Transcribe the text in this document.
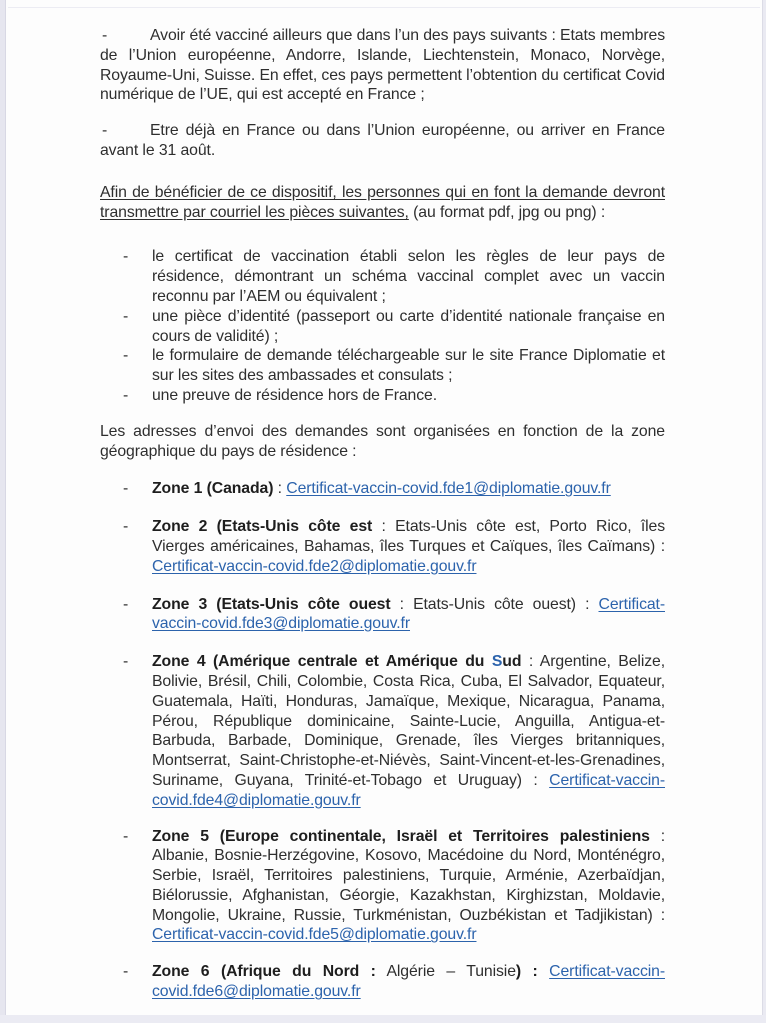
-	Avoir été vacciné ailleurs que dans l’un des pays suivants : Etats membres de l’Union européenne, Andorre, Islande, Liechtenstein, Monaco, Norvège, Royaume-Uni, Suisse. En effet, ces pays permettent l’obtention du certificat Covid numérique de l’UE, qui est accepté en France ;
-	Etre déjà en France ou dans l’Union européenne, ou arriver en France avant le 31 août.
Afin de bénéficier de ce dispositif, les personnes qui en font la demande devront transmettre par courriel les pièces suivantes, (au format pdf, jpg ou png) :
- le certificat de vaccination établi selon les règles de leur pays de résidence, démontrant un schéma vaccinal complet avec un vaccin reconnu par l’AEM ou équivalent ;
- une pièce d’identité (passeport ou carte d’identité nationale française en cours de validité) ;
- le formulaire de demande téléchargeable sur le site France Diplomatie et sur les sites des ambassades et consulats ;
- une preuve de résidence hors de France.
Les adresses d’envoi des demandes sont organisées en fonction de la zone géographique du pays de résidence :
- Zone 1 (Canada) : Certificat-vaccin-covid.fde1@diplomatie.gouv.fr
- Zone 2 (Etats-Unis côte est : Etats-Unis côte est, Porto Rico, îles Vierges américaines, Bahamas, îles Turques et Caïques, îles Caïmans) : Certificat-vaccin-covid.fde2@diplomatie.gouv.fr
- Zone 3 (Etats-Unis côte ouest : Etats-Unis côte ouest) : Certificat-vaccin-covid.fde3@diplomatie.gouv.fr
- Zone 4 (Amérique centrale et Amérique du Sud : Argentine, Belize, Bolivie, Brésil, Chili, Colombie, Costa Rica, Cuba, El Salvador, Equateur, Guatemala, Haïti, Honduras, Jamaïque, Mexique, Nicaragua, Panama, Pérou, République dominicaine, Sainte-Lucie, Anguilla, Antigua-et-Barbuda, Barbade, Dominique, Grenade, îles Vierges britanniques, Montserrat, Saint-Christophe-et-Niévès, Saint-Vincent-et-les-Grenadines, Suriname, Guyana, Trinité-et-Tobago et Uruguay) : Certificat-vaccin-covid.fde4@diplomatie.gouv.fr
- Zone 5 (Europe continentale, Israël et Territoires palestiniens : Albanie, Bosnie-Herzégovine, Kosovo, Macédoine du Nord, Monténégro, Serbie, Israël, Territoires palestiniens, Turquie, Arménie, Azerbaïdjan, Biélorussie, Afghanistan, Géorgie, Kazakhstan, Kirghizstan, Moldavie, Mongolie, Ukraine, Russie, Turkménistan, Ouzbékistan et Tadjikistan) : Certificat-vaccin-covid.fde5@diplomatie.gouv.fr
- Zone 6 (Afrique du Nord : Algérie – Tunisie) : Certificat-vaccin-covid.fde6@diplomatie.gouv.fr
